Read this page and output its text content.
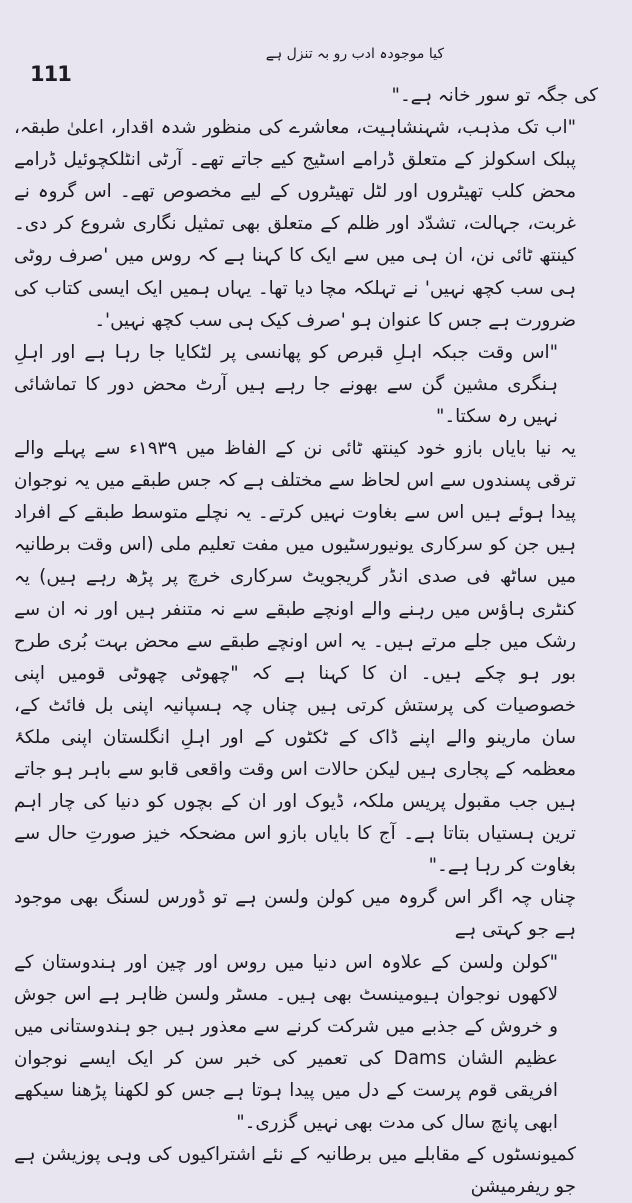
111
کیا موجودہ ادب رو بہ تنزل ہے

کی جگہ تو سور خانہ ہے۔"

"اب تک مذہب، شہنشاہیت، معاشرے کی منظور شدہ اقدار، اعلیٰ طبقہ، پبلک اسکولز کے متعلق ڈرامے اسٹیج کیے جاتے تھے۔ آرٹی انٹلکچوئیل ڈرامے محض کلب تھیٹروں اور لٹل تھیٹروں کے لیے مخصوص تھے۔ اس گروہ نے غربت، جہالت، تشدّد اور ظلم کے متعلق بھی تمثیل نگاری شروع کر دی۔ کینتھ ٹائی نن، ان ہی میں سے ایک کا کہنا ہے کہ روس میں 'صرف روٹی ہی سب کچھ نہیں' نے تہلکہ مچا دیا تھا۔ یہاں ہمیں ایک ایسی کتاب کی ضرورت ہے جس کا عنوان ہو 'صرف کیک ہی سب کچھ نہیں'۔

"اس وقت جبکہ اہلِ قبرص کو پھانسی پر لٹکایا جا رہا ہے اور اہلِ ہنگری مشین گن سے بھونے جا رہے ہیں آرٹ محض دور کا تماشائی نہیں رہ سکتا۔"

یہ نیا بایاں بازو خود کینتھ ٹائی نن کے الفاظ میں ۱۹۳۹ء سے پہلے والے ترقی پسندوں سے اس لحاظ سے مختلف ہے کہ جس طبقے میں یہ نوجوان پیدا ہوئے ہیں اس سے بغاوت نہیں کرتے۔ یہ نچلے متوسط طبقے کے افراد ہیں جن کو سرکاری یونیورسٹیوں میں مفت تعلیم ملی (اس وقت برطانیہ میں ساٹھ فی صدی انڈر گریجویٹ سرکاری خرچ پر پڑھ رہے ہیں) یہ کنٹری ہاؤس میں رہنے والے اونچے طبقے سے نہ متنفر ہیں اور نہ ان سے رشک میں جلے مرتے ہیں۔ یہ اس اونچے طبقے سے محض بہت بُری طرح بور ہو چکے ہیں۔ ان کا کہنا ہے کہ "چھوٹی چھوٹی قومیں اپنی خصوصیات کی پرستش کرتی ہیں چناں چہ ہسپانیہ اپنی بل فائٹ کے، سان مارینو والے اپنے ڈاک کے ٹکٹوں کے اور اہلِ انگلستان اپنی ملکۂ معظمہ کے پجاری ہیں لیکن حالات اس وقت واقعی قابو سے باہر ہو جاتے ہیں جب مقبول پریس ملکہ، ڈیوک اور ان کے بچوں کو دنیا کی چار اہم ترین ہستیاں بتاتا ہے۔ آج کا بایاں بازو اس مضحکہ خیز صورتِ حال سے بغاوت کر رہا ہے۔"

چناں چہ اگر اس گروہ میں کولن ولسن ہے تو ڈورس لسنگ بھی موجود ہے جو کہتی ہے

"کولن ولسن کے علاوہ اس دنیا میں روس اور چین اور ہندوستان کے لاکھوں نوجوان ہیومینسٹ بھی ہیں۔ مسٹر ولسن ظاہر ہے اس جوش و خروش کے جذبے میں شرکت کرنے سے معذور ہیں جو ہندوستانی میں عظیم الشان Dams کی تعمیر کی خبر سن کر ایک ایسے نوجوان افریقی قوم پرست کے دل میں پیدا ہوتا ہے جس کو لکھنا پڑھنا سیکھے ابھی پانچ سال کی مدت بھی نہیں گزری۔"

کمیونسٹوں کے مقابلے میں برطانیہ کے نئے اشتراکیوں کی وہی پوزیشن ہے جو ریفرمیشن
